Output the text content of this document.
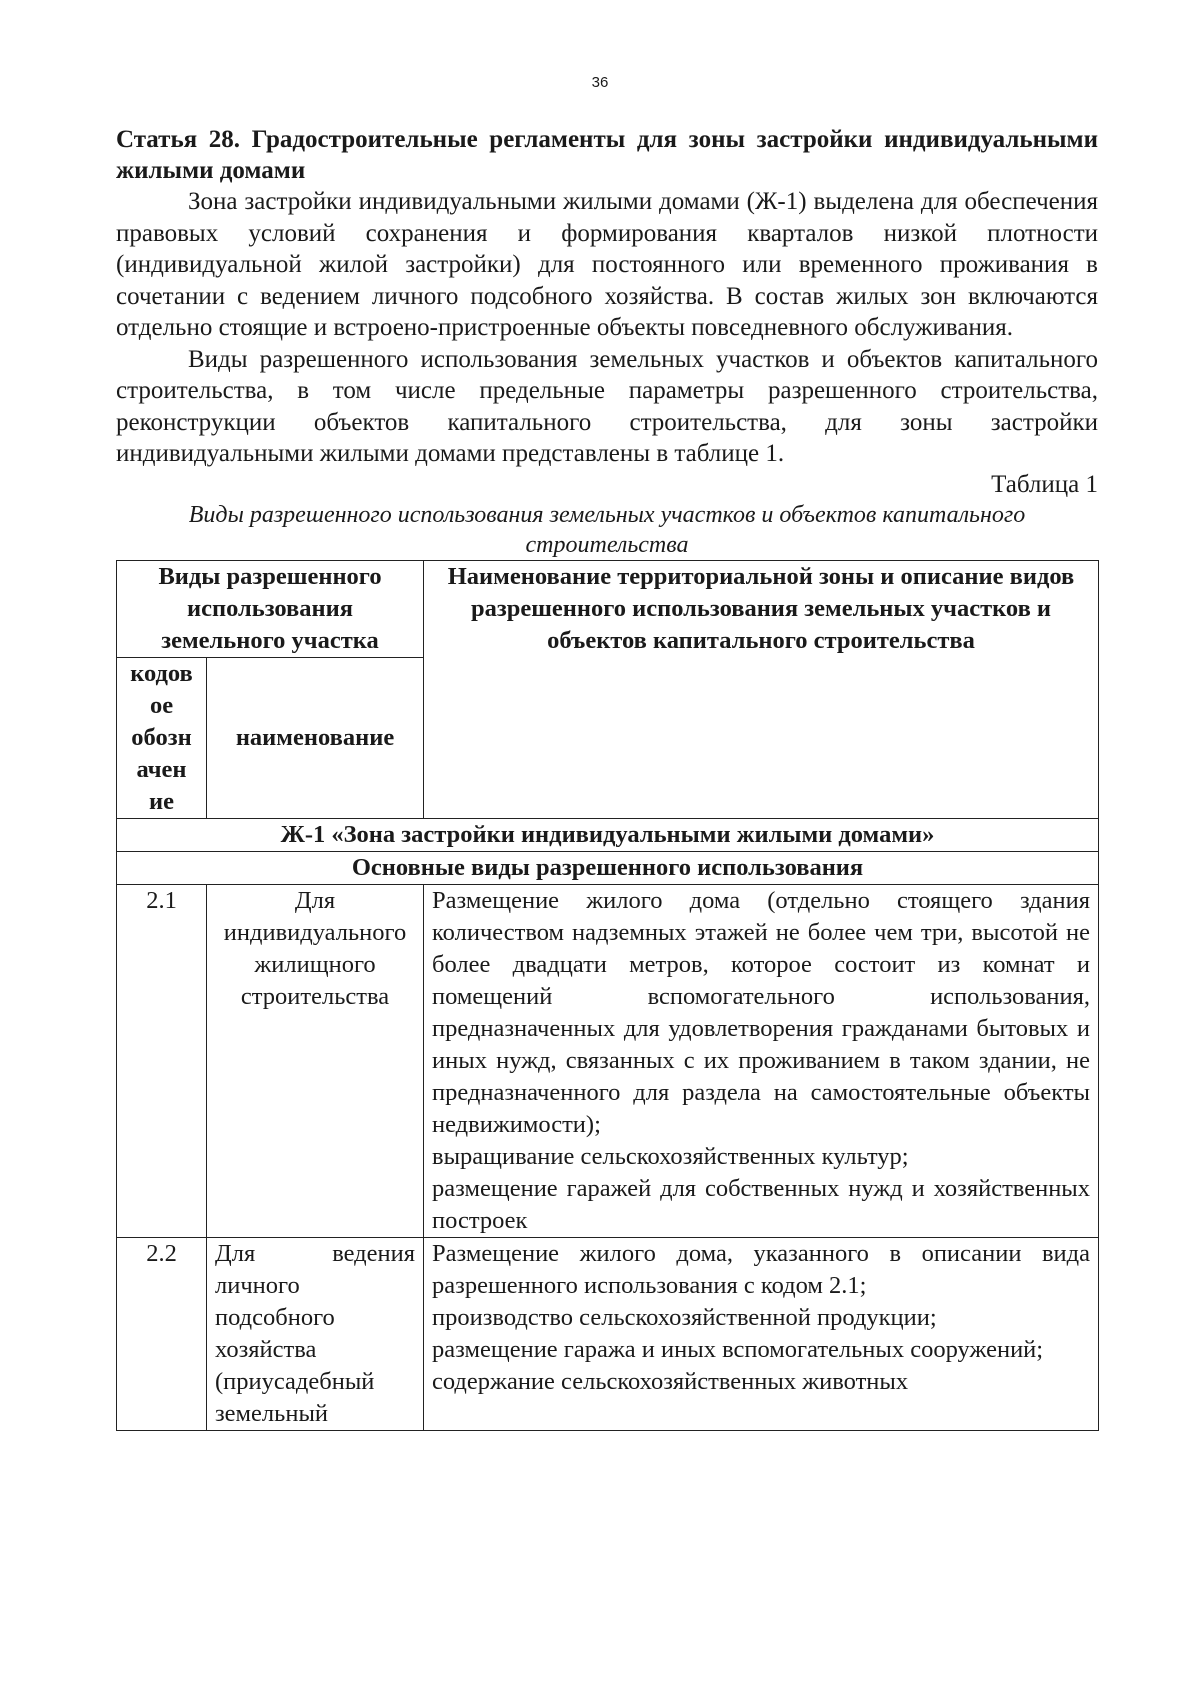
36

Статья 28. Градостроительные регламенты для зоны застройки индивидуальными жилыми домами

Зона застройки индивидуальными жилыми домами (Ж-1) выделена для обеспечения правовых условий сохранения и формирования кварталов низкой плотности (индивидуальной жилой застройки) для постоянного или временного проживания в сочетании с ведением личного подсобного хозяйства. В состав жилых зон включаются отдельно стоящие и встроено-пристроенные объекты повседневного обслуживания.

Виды разрешенного использования земельных участков и объектов капитального строительства, в том числе предельные параметры разрешенного строительства, реконструкции объектов капитального строительства, для зоны застройки индивидуальными жилыми домами представлены в таблице 1.

Таблица 1

Виды разрешенного использования земельных участков и объектов капитального строительства

Виды разрешенного использования земельного участка		Наименование территориальной зоны и описание видов разрешенного использования земельных участков и объектов капитального строительства
кодов ое обозн ачен ие	наименование	
Ж-1 «Зона застройки индивидуальными жилыми домами»		
Основные виды разрешенного использования		
2.1	Для индивидуального жилищного строительства	Размещение жилого дома (отдельно стоящего здания количеством надземных этажей не более чем три, высотой не более двадцати метров, которое состоит из комнат и помещений вспомогательного использования, предназначенных для удовлетворения гражданами бытовых и иных нужд, связанных с их проживанием в таком здании, не предназначенного для раздела на самостоятельные объекты недвижимости);

выращивание сельскохозяйственных культур;

размещение гаражей для собственных нужд и хозяйственных построек

2.2	Для ведения личного подсобного хозяйства (приусадебный земельный	Размещение жилого дома, указанного в описании вида разрешенного использования с кодом 2.1;

производство сельскохозяйственной продукции;

размещение гаража и иных вспомогательных сооружений;

содержание сельскохозяйственных животных
